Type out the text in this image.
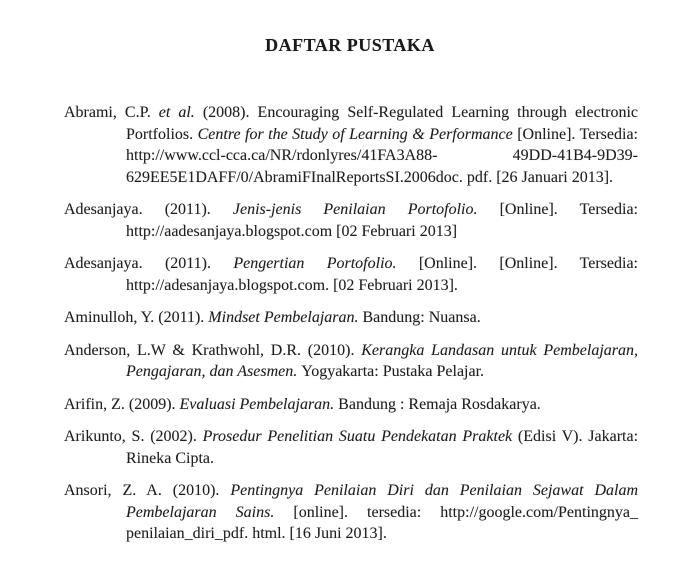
DAFTAR PUSTAKA

Abrami, C.P. et al. (2008). Encouraging Self-Regulated Learning through electronic Portfolios. Centre for the Study of Learning & Performance [Online]. Tersedia: http://www.ccl-cca.ca/NR/rdonlyres/41FA3A88- 49DD-41B4-9D39-629EE5E1DAFF/0/AbramiFInalReportsSI.2006doc. pdf. [26 Januari 2013].

Adesanjaya. (2011). Jenis-jenis Penilaian Portofolio. [Online]. Tersedia: http://aadesanjaya.blogspot.com [02 Februari 2013]

Adesanjaya. (2011). Pengertian Portofolio. [Online]. [Online]. Tersedia: http://adesanjaya.blogspot.com. [02 Februari 2013].

Aminulloh, Y. (2011). Mindset Pembelajaran. Bandung: Nuansa.

Anderson, L.W & Krathwohl, D.R. (2010). Kerangka Landasan untuk Pembelajaran, Pengajaran, dan Asesmen. Yogyakarta: Pustaka Pelajar.

Arifin, Z. (2009). Evaluasi Pembelajaran. Bandung : Remaja Rosdakarya.

Arikunto, S. (2002). Prosedur Penelitian Suatu Pendekatan Praktek (Edisi V). Jakarta: Rineka Cipta.

Ansori, Z. A. (2010). Pentingnya Penilaian Diri dan Penilaian Sejawat Dalam Pembelajaran Sains. [online]. tersedia: http://google.com/Pentingnya_ penilaian_diri_pdf. html. [16 Juni 2013].
